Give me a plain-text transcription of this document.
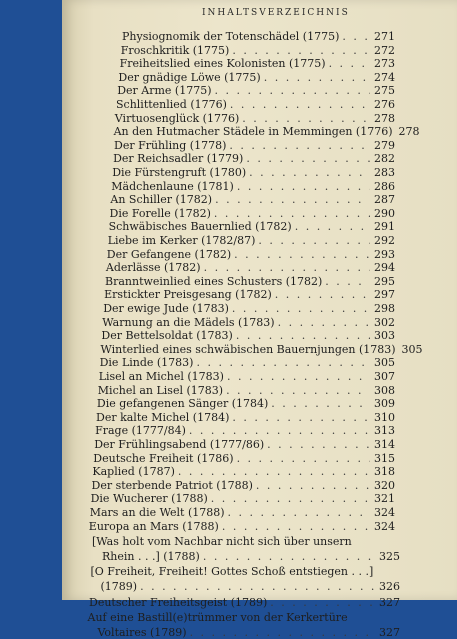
INHALTSVERZEICHNIS
Physiognomik der Totenschädel (1775) . . .	271
Froschkritik (1775) . . .	272
Freiheitslied eines Kolonisten (1775) . . .	273
Der gnädige Löwe (1775) . . .	274
Der Arme (1775) . . .	275
Schlittenlied (1776) . . .	276
Virtuosenglück (1776) . . .	278
An den Hutmacher Städele in Memmingen (1776) 278
Der Frühling (1778) . . .	279
Der Reichsadler (1779) . . .	282
Die Fürstengruft (1780) . . .	283
Mädchenlaune (1781) . . .	286
An Schiller (1782) . . .	287
Die Forelle (1782) . . .	290
Schwäbisches Bauernlied (1782) . . .	291
Liebe im Kerker (1782/87) . . .	292
Der Gefangene (1782) . . .	293
Aderlässe (1782) . . .	294
Branntweinlied eines Schusters (1782) . . .	295
Erstickter Preisgesang (1782) . . .	297
Der ewige Jude (1783) . . .	298
Warnung an die Mädels (1783) . . .	302
Der Bettelsoldat (1783) . . .	303
Winterlied eines schwäbischen Bauernjungen (1783) 305
Die Linde (1783) . . .	305
Lisel an Michel (1783) . . .	307
Michel an Lisel (1783) . . .	308
Die gefangenen Sänger (1784) . . .	309
Der kalte Michel (1784) . . .	310
Frage (1777/84) . . .	313
Der Frühlingsabend (1777/86) . . .	314
Deutsche Freiheit (1786) . . .	315
Kaplied (1787) . . .	318
Der sterbende Patriot (1788) . . .	320
Die Wucherer (1788) . . .	321
Mars an die Welt (1788) . . .	324
Europa an Mars (1788) . . .	324
[Was holt vom Nachbar nicht sich über unsern
Rhein . . .] (1788) . . .	325
[O Freiheit, Freiheit! Gottes Schoß entstiegen . . .]
(1789) . . .	326
Deutscher Freiheitsgeist (1789) . . .	327
Auf eine Bastill(e)trümmer von der Kerkertüre
Voltaires (1789) . . .	327
